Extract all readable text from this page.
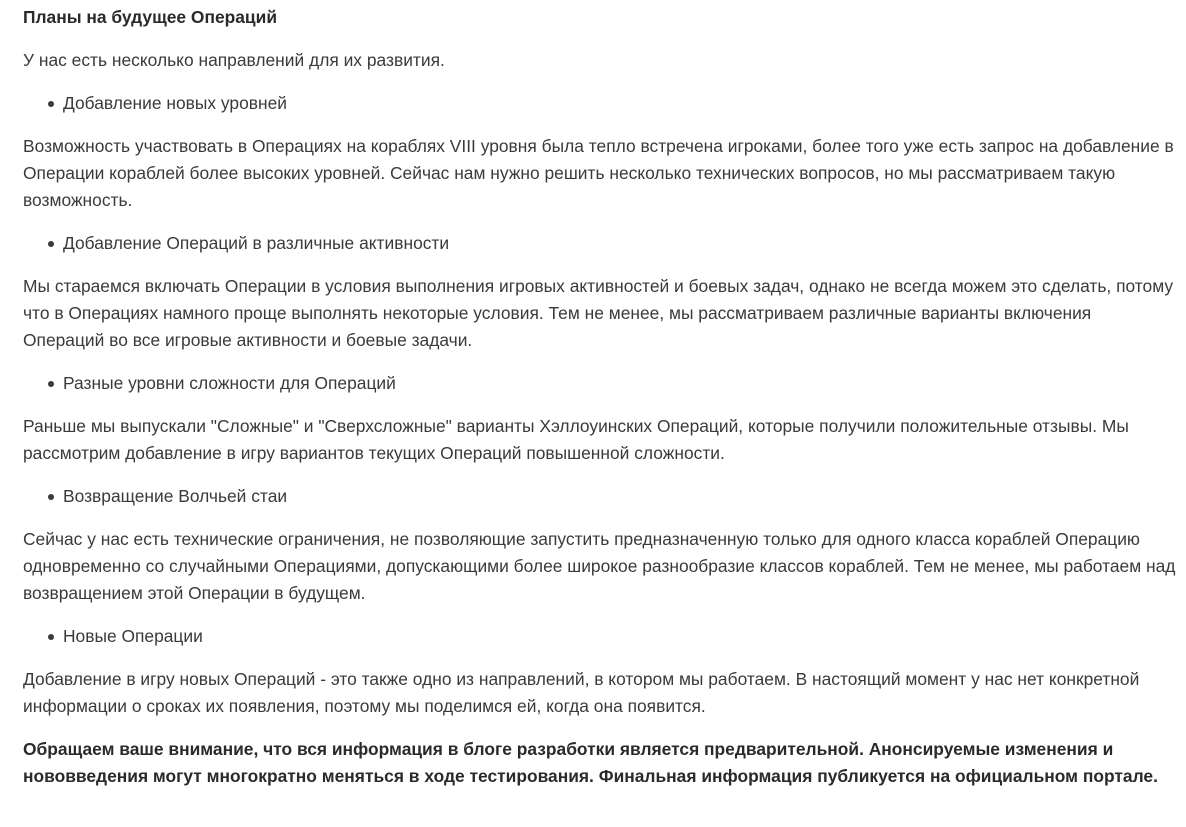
Планы на будущее Операций

У нас есть несколько направлений для их развития.

Добавление новых уровней

Возможность участвовать в Операциях на кораблях VIII уровня была тепло встречена игроками, более того уже есть запрос на добавление в Операции кораблей более высоких уровней. Сейчас нам нужно решить несколько технических вопросов, но мы рассматриваем такую возможность.

Добавление Операций в различные активности

Мы стараемся включать Операции в условия выполнения игровых активностей и боевых задач, однако не всегда можем это сделать, потому что в Операциях намного проще выполнять некоторые условия. Тем не менее, мы рассматриваем различные варианты включения Операций во все игровые активности и боевые задачи.

Разные уровни сложности для Операций

Раньше мы выпускали "Сложные" и "Сверхсложные" варианты Хэллоуинских Операций, которые получили положительные отзывы. Мы рассмотрим добавление в игру вариантов текущих Операций повышенной сложности.

Возвращение Волчьей стаи

Сейчас у нас есть технические ограничения, не позволяющие запустить предназначенную только для одного класса кораблей Операцию одновременно со случайными Операциями, допускающими более широкое разнообразие классов кораблей. Тем не менее, мы работаем над возвращением этой Операции в будущем.

Новые Операции

Добавление в игру новых Операций - это также одно из направлений, в котором мы работаем. В настоящий момент у нас нет конкретной информации о сроках их появления, поэтому мы поделимся ей, когда она появится.

Обращаем ваше внимание, что вся информация в блоге разработки является предварительной. Анонсируемые изменения и нововведения могут многократно меняться в ходе тестирования. Финальная информация публикуется на официальном портале.
